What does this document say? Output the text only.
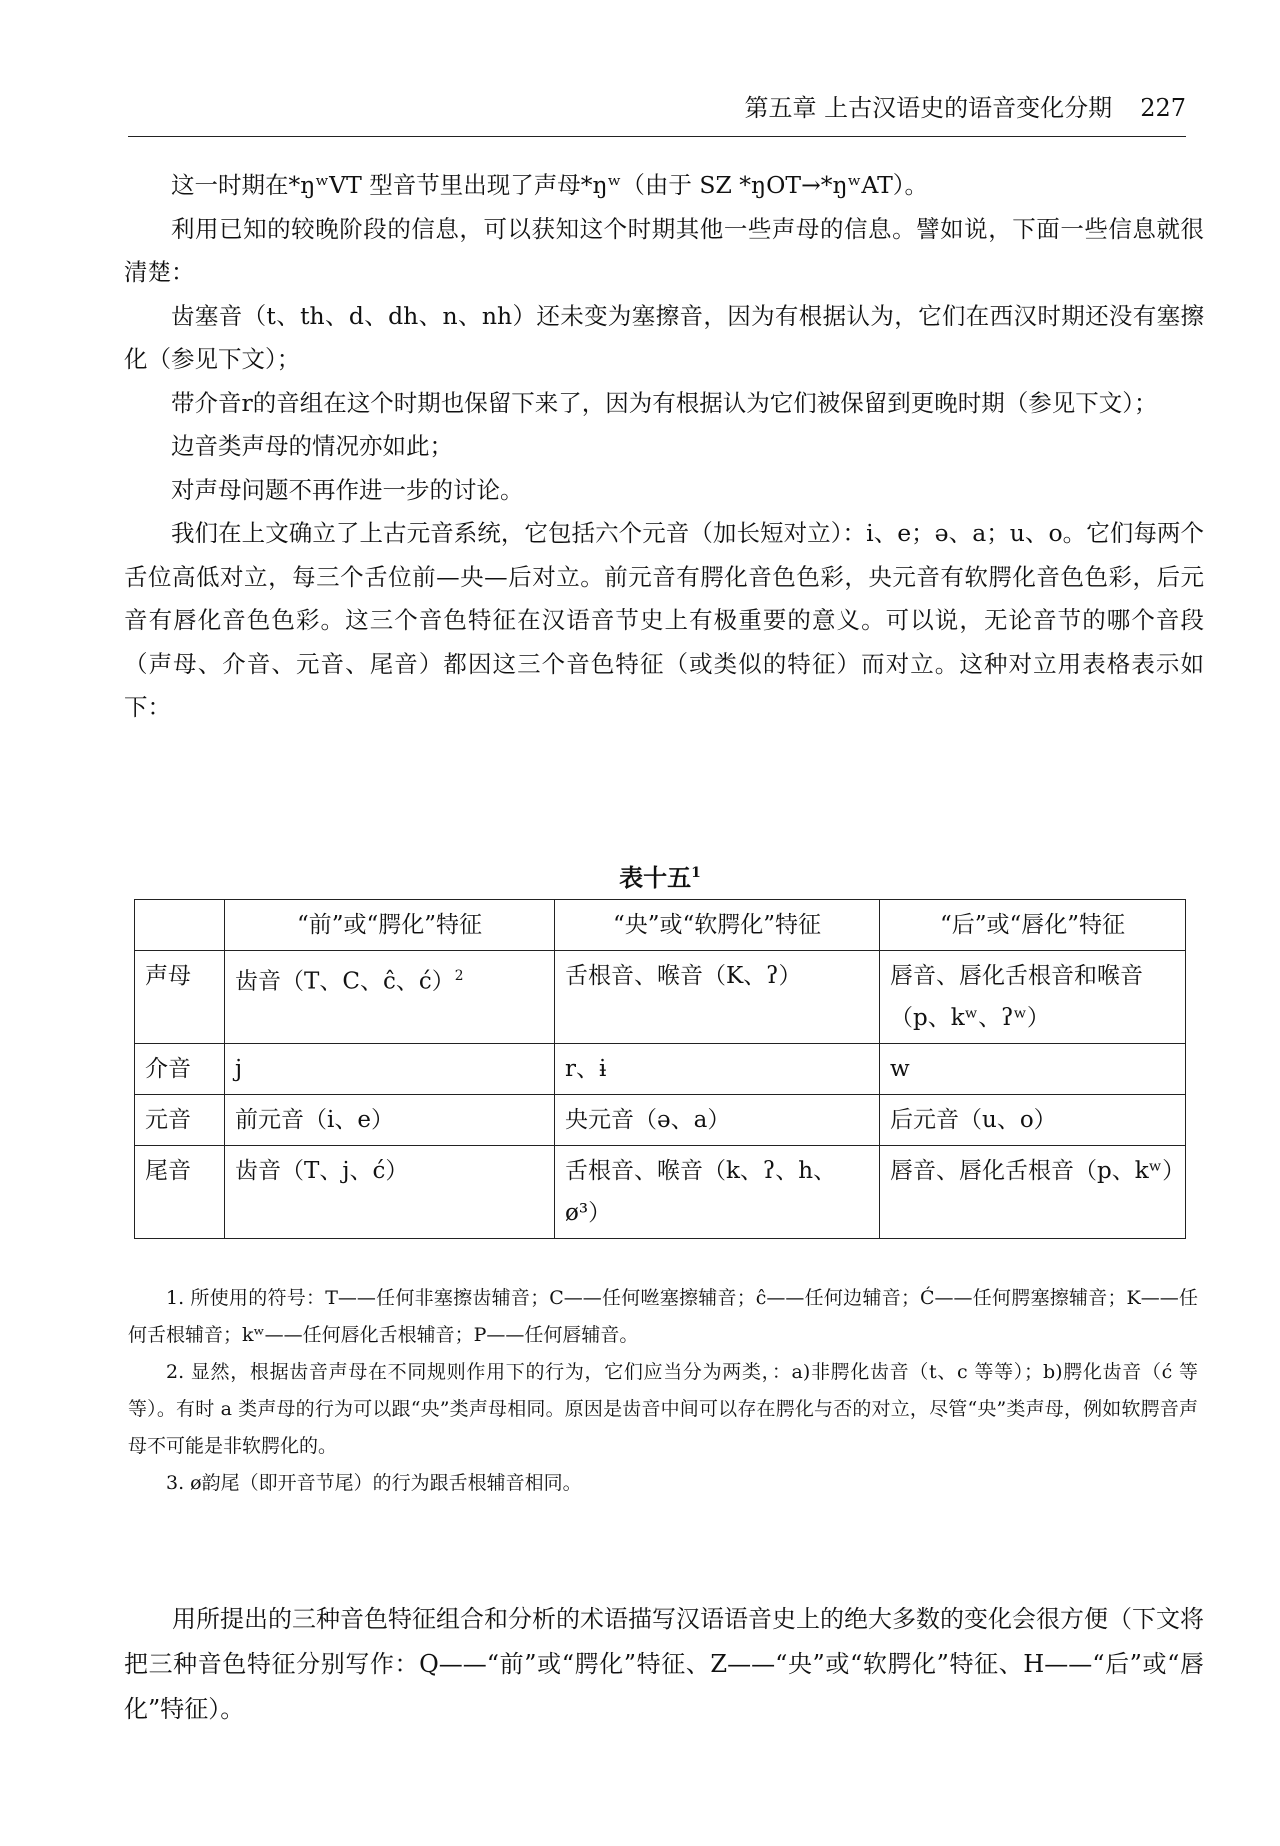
第五章 上古汉语史的语音变化分期 227

这一时期在*ŋʷVT 型音节里出现了声母*ŋʷ（由于 SZ *ŋOT→*ŋʷAT）。

利用已知的较晚阶段的信息，可以获知这个时期其他一些声母的信息。譬如说，下面一些信息就很清楚：

齿塞音（t、th、d、dh、n、nh）还未变为塞擦音，因为有根据认为，它们在西汉时期还没有塞擦化（参见下文）；

带介音r的音组在这个时期也保留下来了，因为有根据认为它们被保留到更晚时期（参见下文）；

边音类声母的情况亦如此；

对声母问题不再作进一步的讨论。

我们在上文确立了上古元音系统，它包括六个元音（加长短对立）：i、e；ə、a；u、o。它们每两个舌位高低对立，每三个舌位前—央—后对立。前元音有腭化音色色彩，央元音有软腭化音色色彩，后元音有唇化音色色彩。这三个音色特征在汉语音节史上有极重要的意义。可以说，无论音节的哪个音段（声母、介音、元音、尾音）都因这三个音色特征（或类似的特征）而对立。这种对立用表格表示如下：

表十五$^1$
	“前”或“腭化”特征	“央”或“软腭化”特征	“后”或“唇化”特征
声母	齿音（T、C、ĉ、ć）$^2$	舌根音、喉音（K、ʔ）	唇音、唇化舌根音和喉音（p、kʷ、ʔʷ）
介音	j	r、ɨ	w
元音	前元音（i、e）	央元音（ə、a）	后元音（u、o）
尾音	齿音（T、j、ć）	舌根音、喉音（k、ʔ、h、ø³）	唇音、唇化舌根音（p、kʷ）

1. 所使用的符号：T——任何非塞擦齿辅音；C——任何咝塞擦辅音；ĉ——任何边辅音；Ć——任何腭塞擦辅音；K——任何舌根辅音；kʷ——任何唇化舌根辅音；P——任何唇辅音。

2. 显然，根据齿音声母在不同规则作用下的行为，它们应当分为两类，：a)非腭化齿音（t、c 等等）；b)腭化齿音（ć 等等）。有时 a 类声母的行为可以跟“央”类声母相同。原因是齿音中间可以存在腭化与否的对立，尽管“央”类声母，例如软腭音声母不可能是非软腭化的。

3. ø韵尾（即开音节尾）的行为跟舌根辅音相同。

用所提出的三种音色特征组合和分析的术语描写汉语语音史上的绝大多数的变化会很方便（下文将把三种音色特征分别写作：Q——“前”或“腭化”特征、Z——“央”或“软腭化”特征、H——“后”或“唇化”特征）。
